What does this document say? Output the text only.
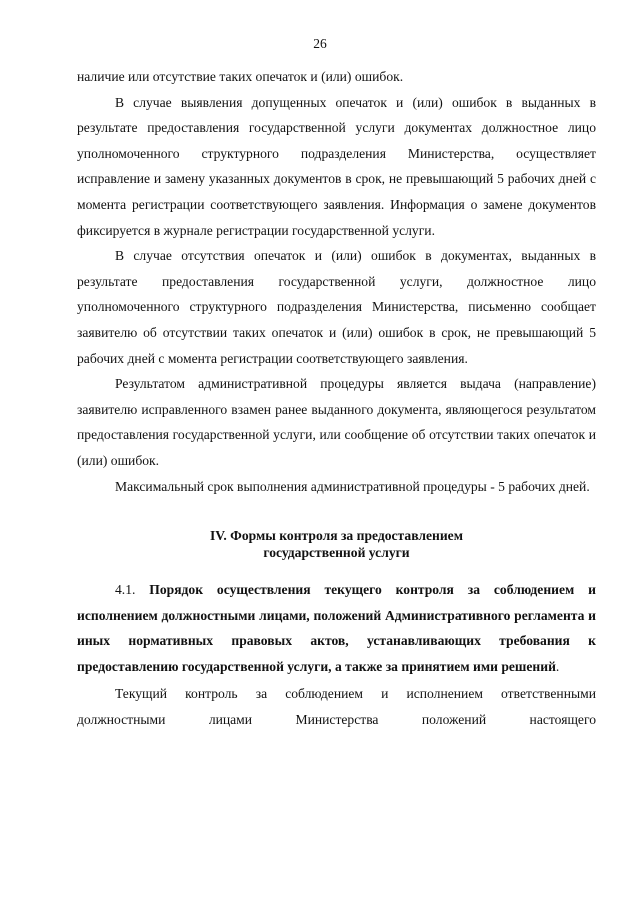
26

наличие или отсутствие таких опечаток и (или) ошибок.

В случае выявления допущенных опечаток и (или) ошибок в выданных в результате предоставления государственной услуги документах должностное лицо уполномоченного структурного подразделения Министерства, осуществляет исправление и замену указанных документов в срок, не превышающий 5 рабочих дней с момента регистрации соответствующего заявления. Информация о замене документов фиксируется в журнале регистрации государственной услуги.

В случае отсутствия опечаток и (или) ошибок в документах, выданных в результате предоставления государственной услуги, должностное лицо уполномоченного структурного подразделения Министерства, письменно сообщает заявителю об отсутствии таких опечаток и (или) ошибок в срок, не превышающий 5 рабочих дней с момента регистрации соответствующего заявления.

Результатом административной процедуры является выдача (направление) заявителю исправленного взамен ранее выданного документа, являющегося результатом предоставления государственной услуги, или сообщение об отсутствии таких опечаток и (или) ошибок.

Максимальный срок выполнения административной процедуры - 5 рабочих дней.

IV. Формы контроля за предоставлением
государственной услуги

4.1. Порядок осуществления текущего контроля за соблюдением и исполнением должностными лицами, положений Административного регламента и иных нормативных правовых актов, устанавливающих требования к предоставлению государственной услуги, а также за принятием ими решений.

Текущий контроль за соблюдением и исполнением ответственными должностными лицами Министерства положений настоящего
